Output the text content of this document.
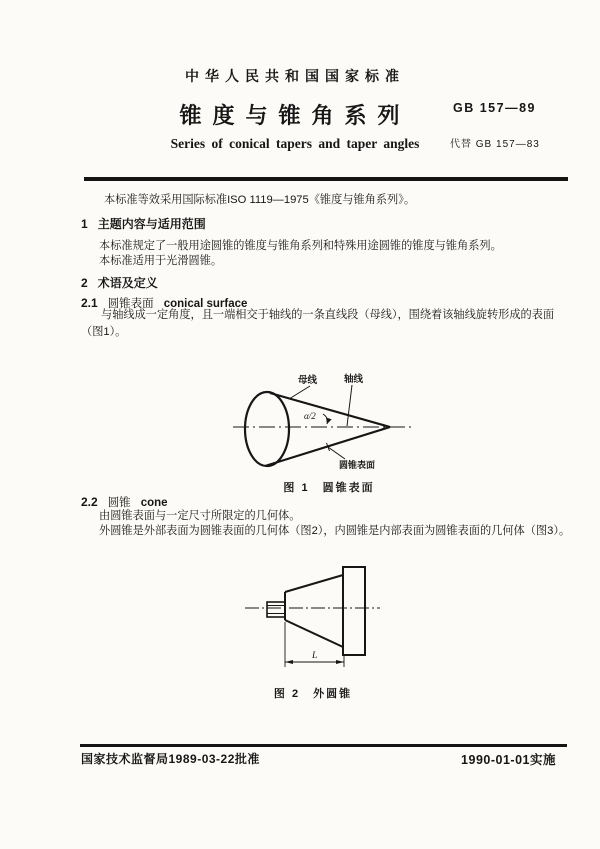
中华人民共和国国家标准
锥度与锥角系列
Series of conical tapers and taper angles
GB 157—89
代替 GB 157—83
本标准等效采用国际标准ISO 1119—1975《锥度与锥角系列》。
1 主题内容与适用范围
本标准规定了一般用途圆锥的锥度与锥角系列和特殊用途圆锥的锥度与锥角系列。
本标准适用于光滑圆锥。
2 术语及定义
2.1 圆锥表面 conical surface
与轴线成一定角度，且一端相交于轴线的一条直线段（母线），围绕着该轴线旋转形成的表面（图1）。
母线	轴线
α/2
圆锥表面
图 1　圆锥表面
2.2 圆锥 cone
由圆锥表面与一定尺寸所限定的几何体。
外圆锥是外部表面为圆锥表面的几何体（图2），内圆锥是内部表面为圆锥表面的几何体（图3）。
L
图 2　外圆锥
国家技术监督局1989-03-22批准	1990-01-01实施
